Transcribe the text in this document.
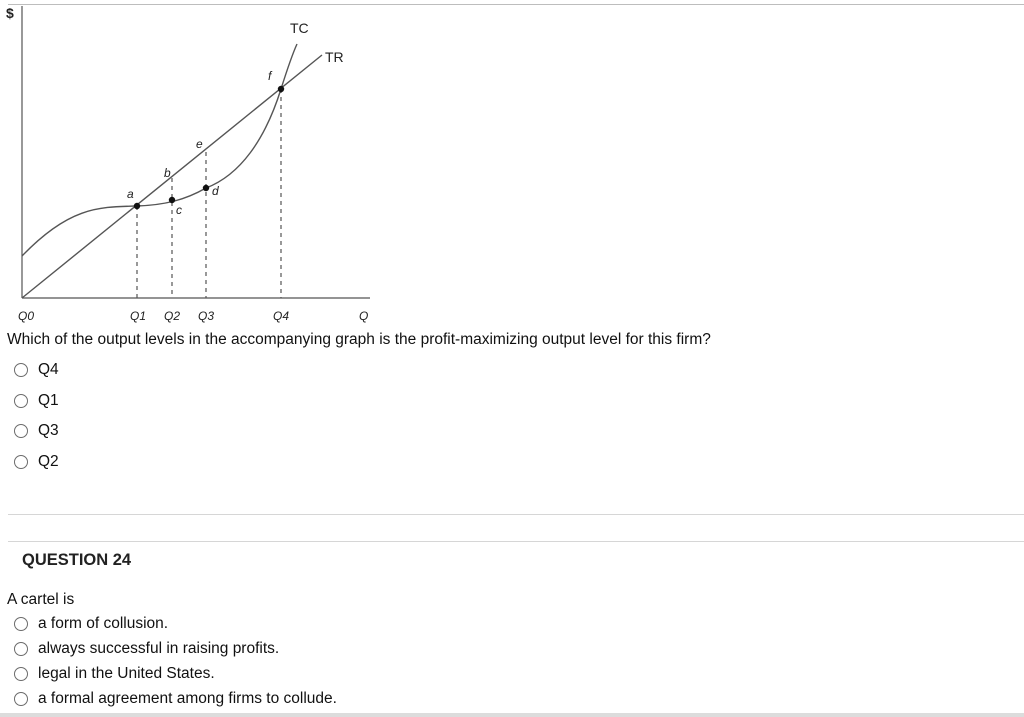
$
TC
TR
a
b
c
d
e
f
Q0	Q1 Q2 Q3	Q4	Q
Which of the output levels in the accompanying graph is the profit-maximizing output level for this firm?
Q4
Q1
Q3
Q2
QUESTION 24
A cartel is
a form of collusion.
always successful in raising profits.
legal in the United States.
a formal agreement among firms to collude.
